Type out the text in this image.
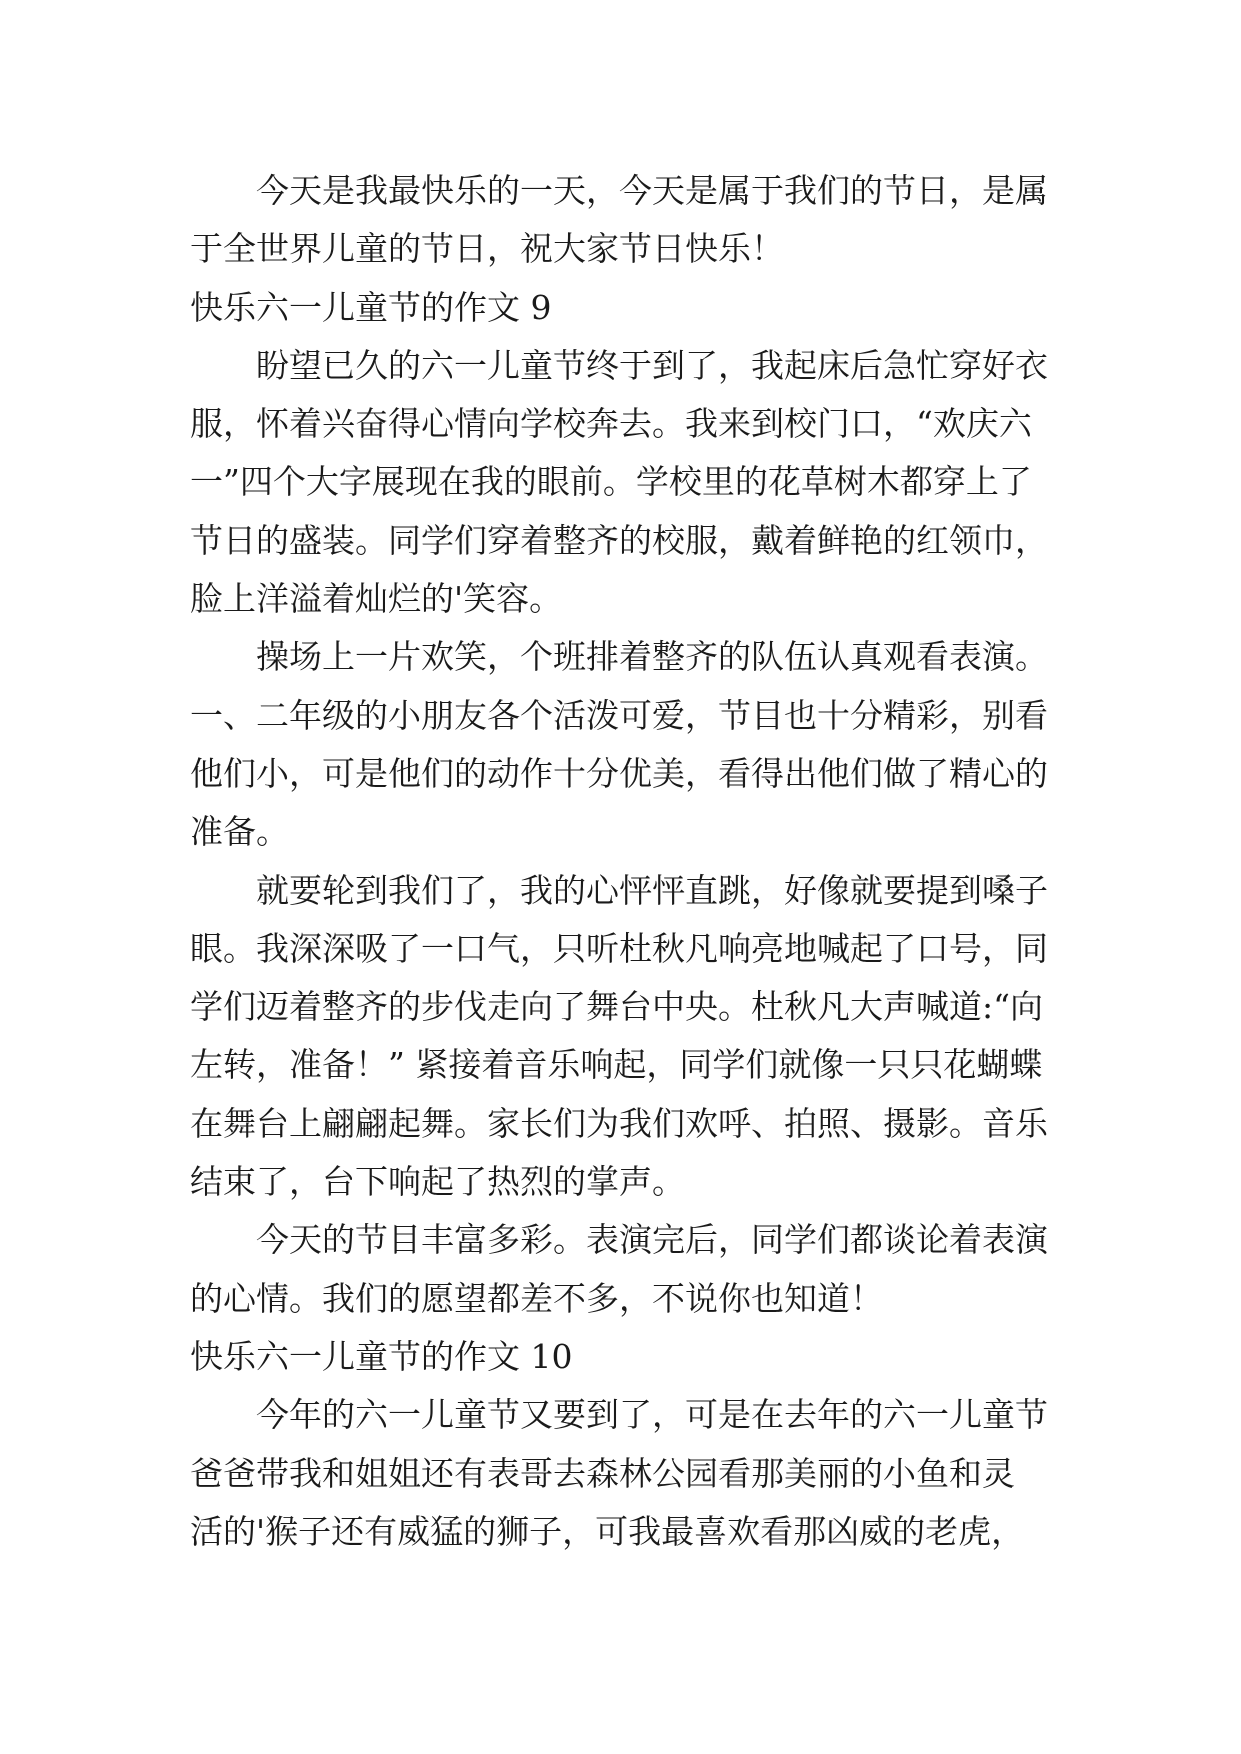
今天是我最快乐的一天，今天是属于我们的节日，是属
于全世界儿童的节日，祝大家节日快乐！
快乐六一儿童节的作文 9
盼望已久的六一儿童节终于到了，我起床后急忙穿好衣
服，怀着兴奋得心情向学校奔去。我来到校门口，“欢庆六
一”四个大字展现在我的眼前。学校里的花草树木都穿上了
节日的盛装。同学们穿着整齐的校服，戴着鲜艳的红领巾，
脸上洋溢着灿烂的'笑容。
操场上一片欢笑，个班排着整齐的队伍认真观看表演。
一、二年级的小朋友各个活泼可爱，节目也十分精彩，别看
他们小，可是他们的动作十分优美，看得出他们做了精心的
准备。
就要轮到我们了，我的心怦怦直跳，好像就要提到嗓子
眼。我深深吸了一口气，只听杜秋凡响亮地喊起了口号，同
学们迈着整齐的步伐走向了舞台中央。杜秋凡大声喊道:“向
左转，准备！” 紧接着音乐响起，同学们就像一只只花蝴蝶
在舞台上翩翩起舞。家长们为我们欢呼、拍照、摄影。音乐
结束了，台下响起了热烈的掌声。
今天的节目丰富多彩。表演完后，同学们都谈论着表演
的心情。我们的愿望都差不多，不说你也知道！
快乐六一儿童节的作文 10
今年的六一儿童节又要到了，可是在去年的六一儿童节
爸爸带我和姐姐还有表哥去森林公园看那美丽的小鱼和灵
活的'猴子还有威猛的狮子，可我最喜欢看那凶威的老虎，
